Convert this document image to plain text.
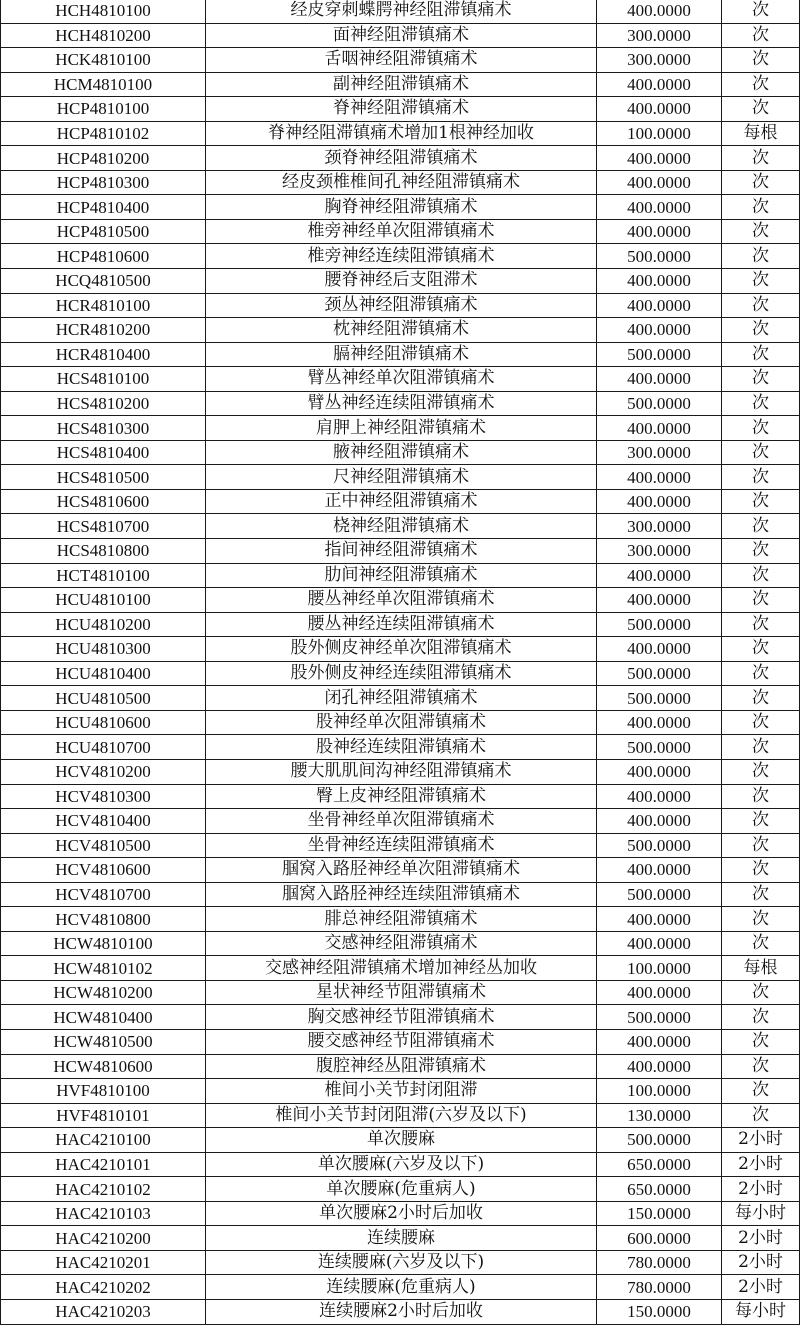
HCH4810100	经皮穿刺蝶腭神经阻滞镇痛术	400.0000	次
HCH4810200	面神经阻滞镇痛术	300.0000	次
HCK4810100	舌咽神经阻滞镇痛术	300.0000	次
HCM4810100	副神经阻滞镇痛术	400.0000	次
HCP4810100	脊神经阻滞镇痛术	400.0000	次
HCP4810102	脊神经阻滞镇痛术增加1根神经加收	100.0000	每根
HCP4810200	颈脊神经阻滞镇痛术	400.0000	次
HCP4810300	经皮颈椎椎间孔神经阻滞镇痛术	400.0000	次
HCP4810400	胸脊神经阻滞镇痛术	400.0000	次
HCP4810500	椎旁神经单次阻滞镇痛术	400.0000	次
HCP4810600	椎旁神经连续阻滞镇痛术	500.0000	次
HCQ4810500	腰脊神经后支阻滞术	400.0000	次
HCR4810100	颈丛神经阻滞镇痛术	400.0000	次
HCR4810200	枕神经阻滞镇痛术	400.0000	次
HCR4810400	膈神经阻滞镇痛术	500.0000	次
HCS4810100	臂丛神经单次阻滞镇痛术	400.0000	次
HCS4810200	臂丛神经连续阻滞镇痛术	500.0000	次
HCS4810300	肩胛上神经阻滞镇痛术	400.0000	次
HCS4810400	腋神经阻滞镇痛术	300.0000	次
HCS4810500	尺神经阻滞镇痛术	400.0000	次
HCS4810600	正中神经阻滞镇痛术	400.0000	次
HCS4810700	桡神经阻滞镇痛术	300.0000	次
HCS4810800	指间神经阻滞镇痛术	300.0000	次
HCT4810100	肋间神经阻滞镇痛术	400.0000	次
HCU4810100	腰丛神经单次阻滞镇痛术	400.0000	次
HCU4810200	腰丛神经连续阻滞镇痛术	500.0000	次
HCU4810300	股外侧皮神经单次阻滞镇痛术	400.0000	次
HCU4810400	股外侧皮神经连续阻滞镇痛术	500.0000	次
HCU4810500	闭孔神经阻滞镇痛术	500.0000	次
HCU4810600	股神经单次阻滞镇痛术	400.0000	次
HCU4810700	股神经连续阻滞镇痛术	500.0000	次
HCV4810200	腰大肌肌间沟神经阻滞镇痛术	400.0000	次
HCV4810300	臀上皮神经阻滞镇痛术	400.0000	次
HCV4810400	坐骨神经单次阻滞镇痛术	400.0000	次
HCV4810500	坐骨神经连续阻滞镇痛术	500.0000	次
HCV4810600	腘窝入路胫神经单次阻滞镇痛术	400.0000	次
HCV4810700	腘窝入路胫神经连续阻滞镇痛术	500.0000	次
HCV4810800	腓总神经阻滞镇痛术	400.0000	次
HCW4810100	交感神经阻滞镇痛术	400.0000	次
HCW4810102	交感神经阻滞镇痛术增加神经丛加收	100.0000	每根
HCW4810200	星状神经节阻滞镇痛术	400.0000	次
HCW4810400	胸交感神经节阻滞镇痛术	500.0000	次
HCW4810500	腰交感神经节阻滞镇痛术	400.0000	次
HCW4810600	腹腔神经丛阻滞镇痛术	400.0000	次
HVF4810100	椎间小关节封闭阻滞	100.0000	次
HVF4810101	椎间小关节封闭阻滞(六岁及以下)	130.0000	次
HAC4210100	单次腰麻	500.0000	2小时
HAC4210101	单次腰麻(六岁及以下)	650.0000	2小时
HAC4210102	单次腰麻(危重病人)	650.0000	2小时
HAC4210103	单次腰麻2小时后加收	150.0000	每小时
HAC4210200	连续腰麻	600.0000	2小时
HAC4210201	连续腰麻(六岁及以下)	780.0000	2小时
HAC4210202	连续腰麻(危重病人)	780.0000	2小时
HAC4210203	连续腰麻2小时后加收	150.0000	每小时
